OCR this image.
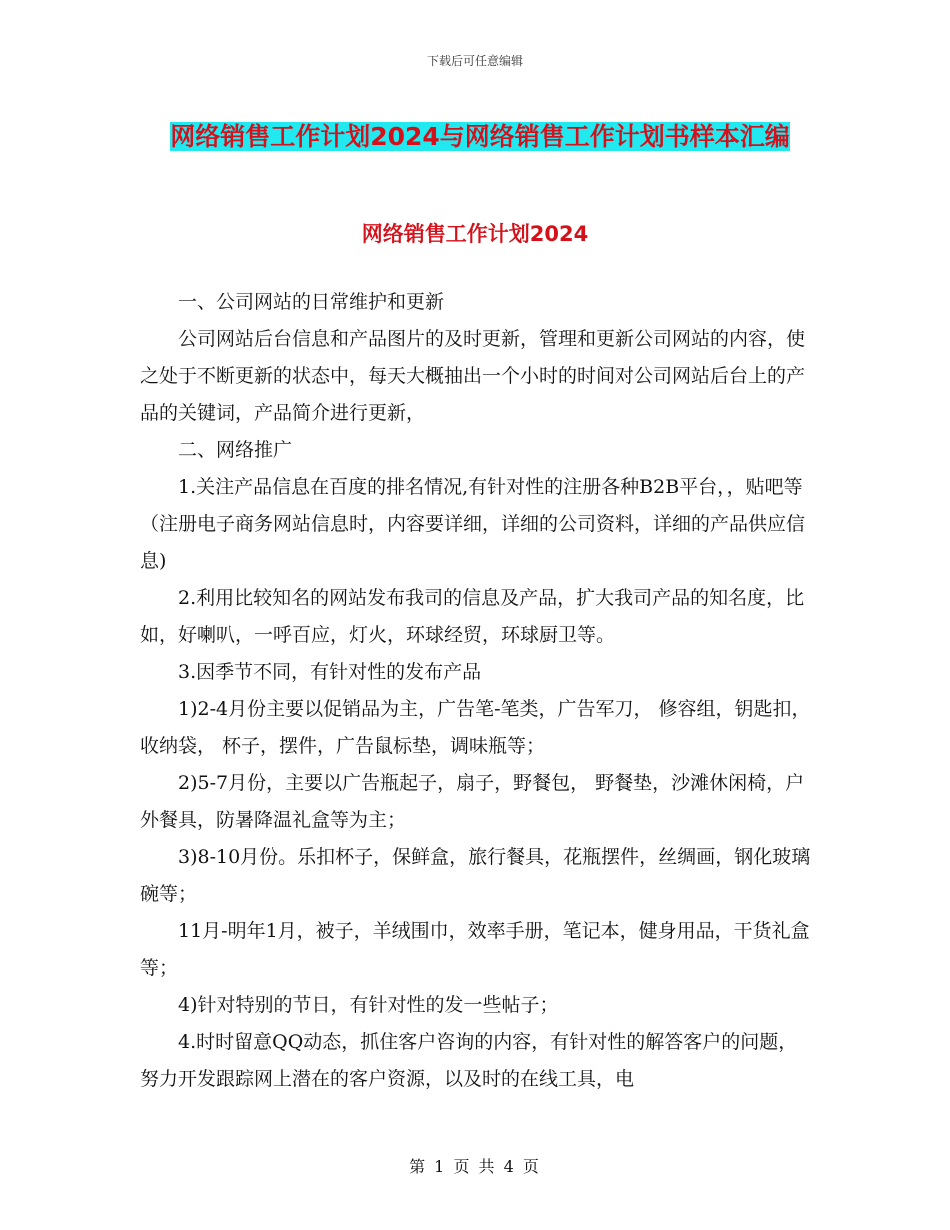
下载后可任意编辑
网络销售工作计划2024与网络销售工作计划书样本汇编
网络销售工作计划2024

一、公司网站的日常维护和更新

公司网站后台信息和产品图片的及时更新，管理和更新公司网站的内容，使之处于不断更新的状态中，每天大概抽出一个小时的时间对公司网站后台上的产品的关键词，产品简介进行更新，

二、网络推广

1.关注产品信息在百度的排名情况,有针对性的注册各种B2B平台，，贴吧等（注册电子商务网站信息时，内容要详细，详细的公司资料，详细的产品供应信息)

2.利用比较知名的网站发布我司的信息及产品，扩大我司产品的知名度，比如，好喇叭，一呼百应，灯火，环球经贸，环球厨卫等。

3.因季节不同，有针对性的发布产品

1)2-4月份主要以促销品为主，广告笔-笔类，广告军刀， 修容组，钥匙扣，收纳袋， 杯子，摆件，广告鼠标垫，调味瓶等；

2)5-7月份，主要以广告瓶起子，扇子，野餐包， 野餐垫，沙滩休闲椅，户外餐具，防暑降温礼盒等为主；

3)8-10月份。乐扣杯子，保鲜盒，旅行餐具，花瓶摆件，丝绸画，钢化玻璃碗等；

11月-明年1月，被子，羊绒围巾，效率手册，笔记本，健身用品，干货礼盒等；

4)针对特别的节日，有针对性的发一些帖子；

4.时时留意QQ动态，抓住客户咨询的内容，有针对性的解答客户的问题，努力开发跟踪网上潜在的客户资源，以及时的在线工具，电

第 1 页 共 4 页
